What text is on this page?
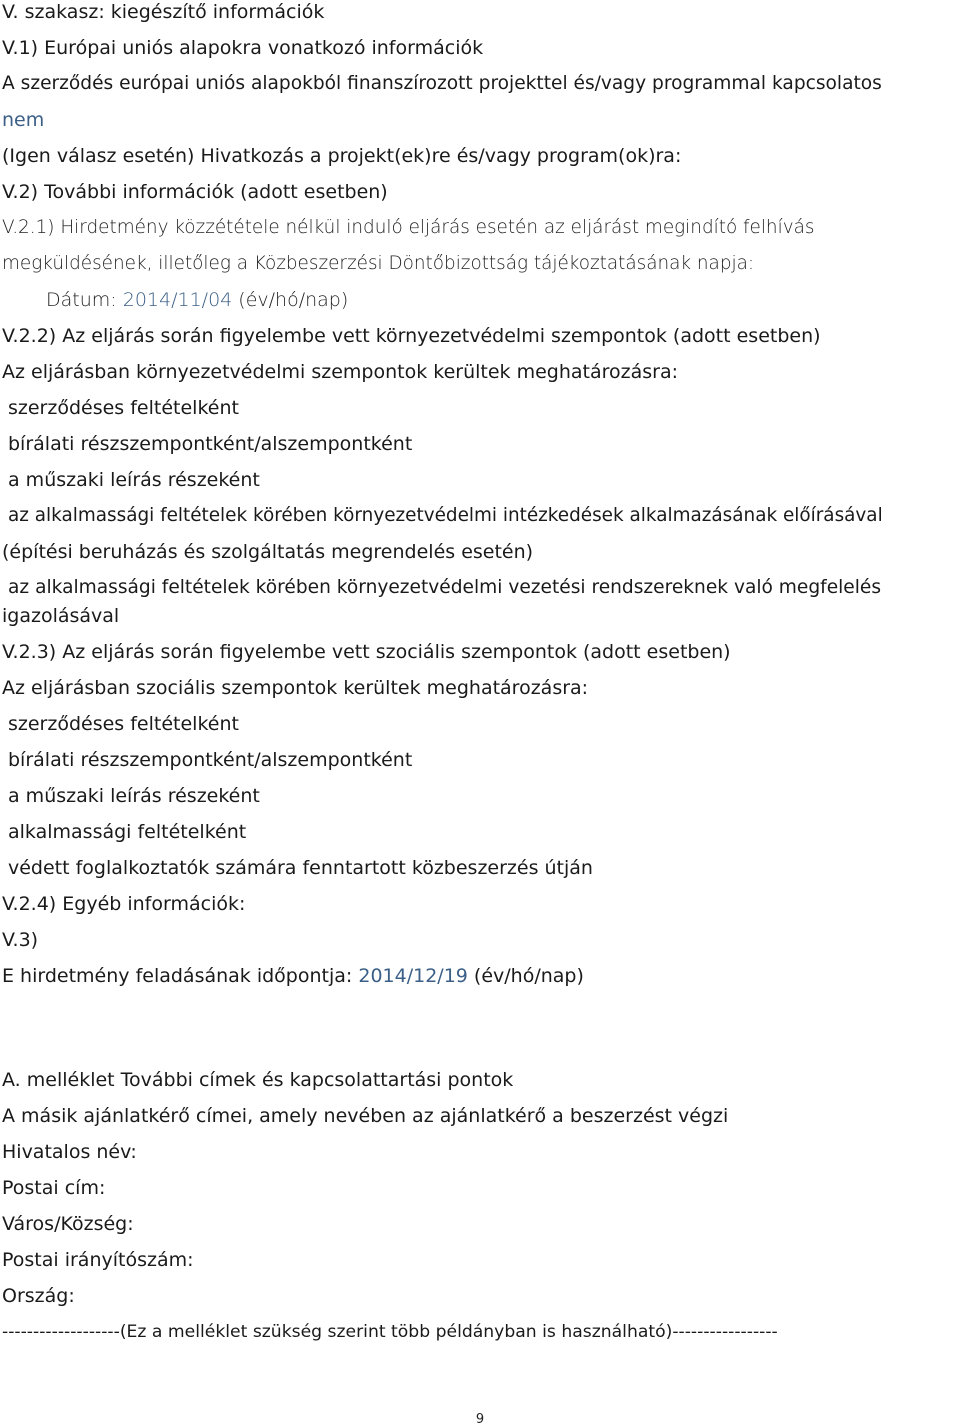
V. szakasz: kiegészítő információk
V.1) Európai uniós alapokra vonatkozó információk
A szerződés európai uniós alapokból finanszírozott projekttel és/vagy programmal kapcsolatos
nem
(Igen válasz esetén) Hivatkozás a projekt(ek)re és/vagy program(ok)ra:
V.2) További információk (adott esetben)
V.2.1) Hirdetmény közzététele nélkül induló eljárás esetén az eljárást megindító felhívás
megküldésének, illetőleg a Közbeszerzési Döntőbizottság tájékoztatásának napja:
Dátum: 2014/11/04 (év/hó/nap)
V.2.2) Az eljárás során figyelembe vett környezetvédelmi szempontok (adott esetben)
Az eljárásban környezetvédelmi szempontok kerültek meghatározásra:
szerződéses feltételként
bírálati részszempontként/alszempontként
a műszaki leírás részeként
az alkalmassági feltételek körében környezetvédelmi intézkedések alkalmazásának előírásával
(építési beruházás és szolgáltatás megrendelés esetén)
az alkalmassági feltételek körében környezetvédelmi vezetési rendszereknek való megfelelés
igazolásával
V.2.3) Az eljárás során figyelembe vett szociális szempontok (adott esetben)
Az eljárásban szociális szempontok kerültek meghatározásra:
szerződéses feltételként
bírálati részszempontként/alszempontként
a műszaki leírás részeként
alkalmassági feltételként
védett foglalkoztatók számára fenntartott közbeszerzés útján
V.2.4) Egyéb információk:
V.3)
E hirdetmény feladásának időpontja: 2014/12/19 (év/hó/nap)
A. melléklet További címek és kapcsolattartási pontok
A másik ajánlatkérő címei, amely nevében az ajánlatkérő a beszerzést végzi
Hivatalos név:
Postai cím:
Város/Község:
Postai irányítószám:
Ország:
-------------------(Ez a melléklet szükség szerint több példányban is használható)-----------------
9
